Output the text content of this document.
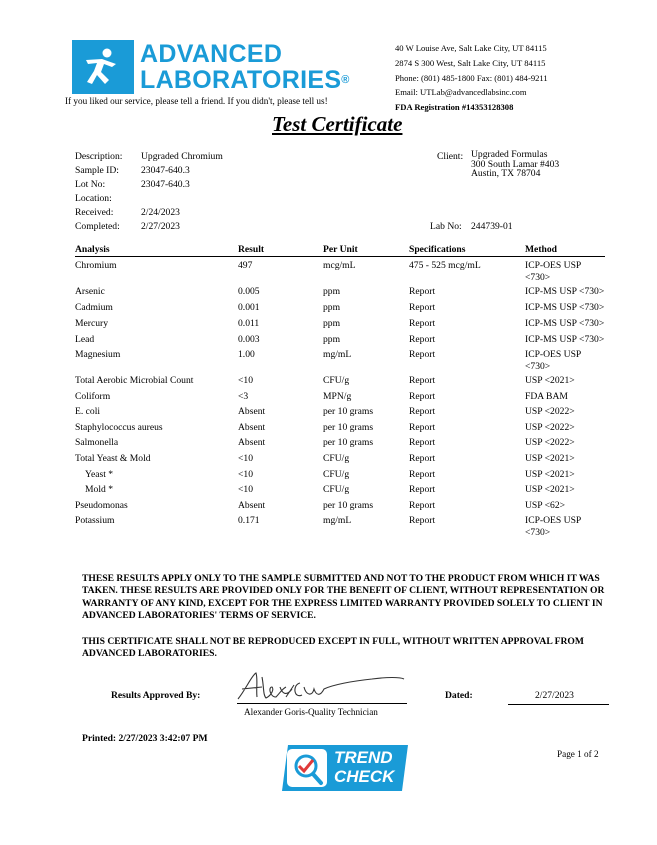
ADVANCED
LABORATORIES®
If you liked our service, please tell a friend. If you didn't, please tell us!
40 W Louise Ave, Salt Lake City, UT 84115
2874 S 300 West, Salt Lake City, UT 84115
Phone: (801) 485-1800 Fax: (801) 484-9211
Email: UTLab@advancedlabsinc.com
FDA Registration #14353128308
Test Certificate
Description: Upgraded Chromium
Sample ID: 23047-640.3
Lot No:	23047-640.3
Location:
Received:	2/24/2023
Completed: 2/27/2023
Client: Upgraded Formulas
300 South Lamar #403
Austin, TX 78704
Lab No: 244739-01
Analysis	Result	Per Unit	Specifications	Method
Chromium	497	mcg/mL	475 - 525 mcg/mL	ICP-OES USP
<730>
Arsenic	0.005	ppm	Report	ICP-MS USP <730>
Cadmium	0.001	ppm	Report	ICP-MS USP <730>
Mercury	0.011	ppm	Report	ICP-MS USP <730>
Lead	0.003	ppm	Report	ICP-MS USP <730>
Magnesium	1.00	mg/mL	Report	ICP-OES USP
<730>
Total Aerobic Microbial Count	<10	CFU/g	Report	USP <2021>
Coliform	<3	MPN/g	Report	FDA BAM
E. coli	Absent	per 10 grams	Report	USP <2022>
Staphylococcus aureus	Absent	per 10 grams	Report	USP <2022>
Salmonella	Absent	per 10 grams	Report	USP <2022>
Total Yeast & Mold	<10	CFU/g	Report	USP <2021>
Yeast *	<10	CFU/g	Report	USP <2021>
Mold *	<10	CFU/g	Report	USP <2021>
Pseudomonas	Absent	per 10 grams	Report	USP <62>
Potassium	0.171	mg/mL	Report	ICP-OES USP
<730>
THESE RESULTS APPLY ONLY TO THE SAMPLE SUBMITTED AND NOT TO THE PRODUCT FROM WHICH IT WAS TAKEN. THESE RESULTS ARE PROVIDED ONLY FOR THE BENEFIT OF CLIENT, WITHOUT REPRESENTATION OR WARRANTY OF ANY KIND, EXCEPT FOR THE EXPRESS LIMITED WARRANTY PROVIDED SOLELY TO CLIENT IN ADVANCED LABORATORIES' TERMS OF SERVICE.
THIS CERTIFICATE SHALL NOT BE REPRODUCED EXCEPT IN FULL, WITHOUT WRITTEN APPROVAL FROM ADVANCED LABORATORIES.
Results Approved By:
Alexander Goris-Quality Technician
Dated:	2/27/2023
Printed: 2/27/2023 3:42:07 PM
TREND
CHECK
Page 1 of 2
